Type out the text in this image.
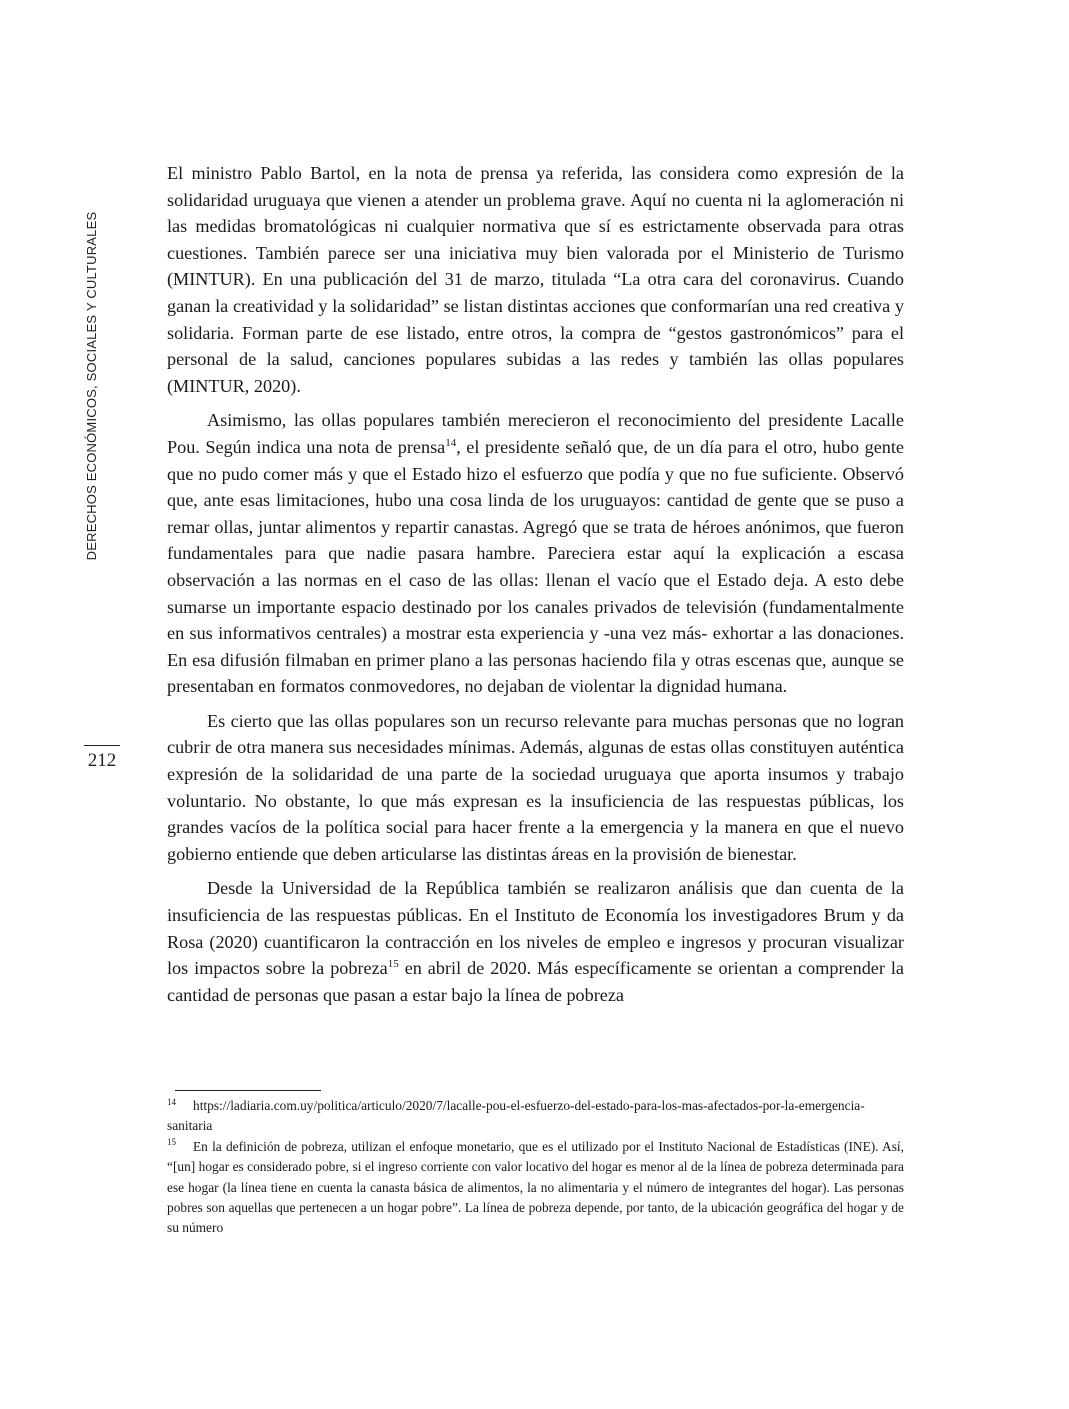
DERECHOS ECONÓMICOS, SOCIALES Y CULTURALES
212

El ministro Pablo Bartol, en la nota de prensa ya referida, las considera como expresión de la solidaridad uruguaya que vienen a atender un problema grave. Aquí no cuenta ni la aglomeración ni las medidas bromatológicas ni cualquier normativa que sí es estrictamente observada para otras cuestiones. También parece ser una iniciativa muy bien valorada por el Ministerio de Turismo (MINTUR). En una publicación del 31 de marzo, titulada “La otra cara del coronavirus. Cuando ganan la creatividad y la solidaridad” se listan distintas acciones que conformarían una red creativa y solidaria. Forman parte de ese listado, entre otros, la compra de “gestos gastronómicos” para el personal de la salud, canciones populares subidas a las redes y también las ollas populares (MINTUR, 2020).

Asimismo, las ollas populares también merecieron el reconocimiento del presidente Lacalle Pou. Según indica una nota de prensa$^{14}$, el presidente señaló que, de un día para el otro, hubo gente que no pudo comer más y que el Estado hizo el esfuerzo que podía y que no fue suficiente. Observó que, ante esas limitaciones, hubo una cosa linda de los uruguayos: cantidad de gente que se puso a remar ollas, juntar alimentos y repartir canastas. Agregó que se trata de héroes anónimos, que fueron fundamentales para que nadie pasara hambre. Pareciera estar aquí la explicación a escasa observación a las normas en el caso de las ollas: llenan el vacío que el Estado deja. A esto debe sumarse un importante espacio destinado por los canales privados de televisión (fundamentalmente en sus informativos centrales) a mostrar esta experiencia y -una vez más- exhortar a las donaciones. En esa difusión filmaban en primer plano a las personas haciendo fila y otras escenas que, aunque se presentaban en formatos conmovedores, no dejaban de violentar la dignidad humana.

Es cierto que las ollas populares son un recurso relevante para muchas personas que no logran cubrir de otra manera sus necesidades mínimas. Además, algunas de estas ollas constituyen auténtica expresión de la solidaridad de una parte de la sociedad uruguaya que aporta insumos y trabajo voluntario. No obstante, lo que más expresan es la insuficiencia de las respuestas públicas, los grandes vacíos de la política social para hacer frente a la emergencia y la manera en que el nuevo gobierno entiende que deben articularse las distintas áreas en la provisión de bienestar.

Desde la Universidad de la República también se realizaron análisis que dan cuenta de la insuficiencia de las respuestas públicas. En el Instituto de Economía los investigadores Brum y da Rosa (2020) cuantificaron la contracción en los niveles de empleo e ingresos y procuran visualizar los impactos sobre la pobreza$^{15}$ en abril de 2020. Más específicamente se orientan a comprender la cantidad de personas que pasan a estar bajo la línea de pobreza

14 https://ladiaria.com.uy/politica/articulo/2020/7/lacalle-pou-el-esfuerzo-del-estado-para-los-mas-afectados-por-la-emergencia-sanitaria

15 En la definición de pobreza, utilizan el enfoque monetario, que es el utilizado por el Instituto Nacional de Estadísticas (INE). Así, “[un] hogar es considerado pobre, si el ingreso corriente con valor locativo del hogar es menor al de la línea de pobreza determinada para ese hogar (la línea tiene en cuenta la canasta básica de alimentos, la no alimentaria y el número de integrantes del hogar). Las personas pobres son aquellas que pertenecen a un hogar pobre”. La línea de pobreza depende, por tanto, de la ubicación geográfica del hogar y de su número
